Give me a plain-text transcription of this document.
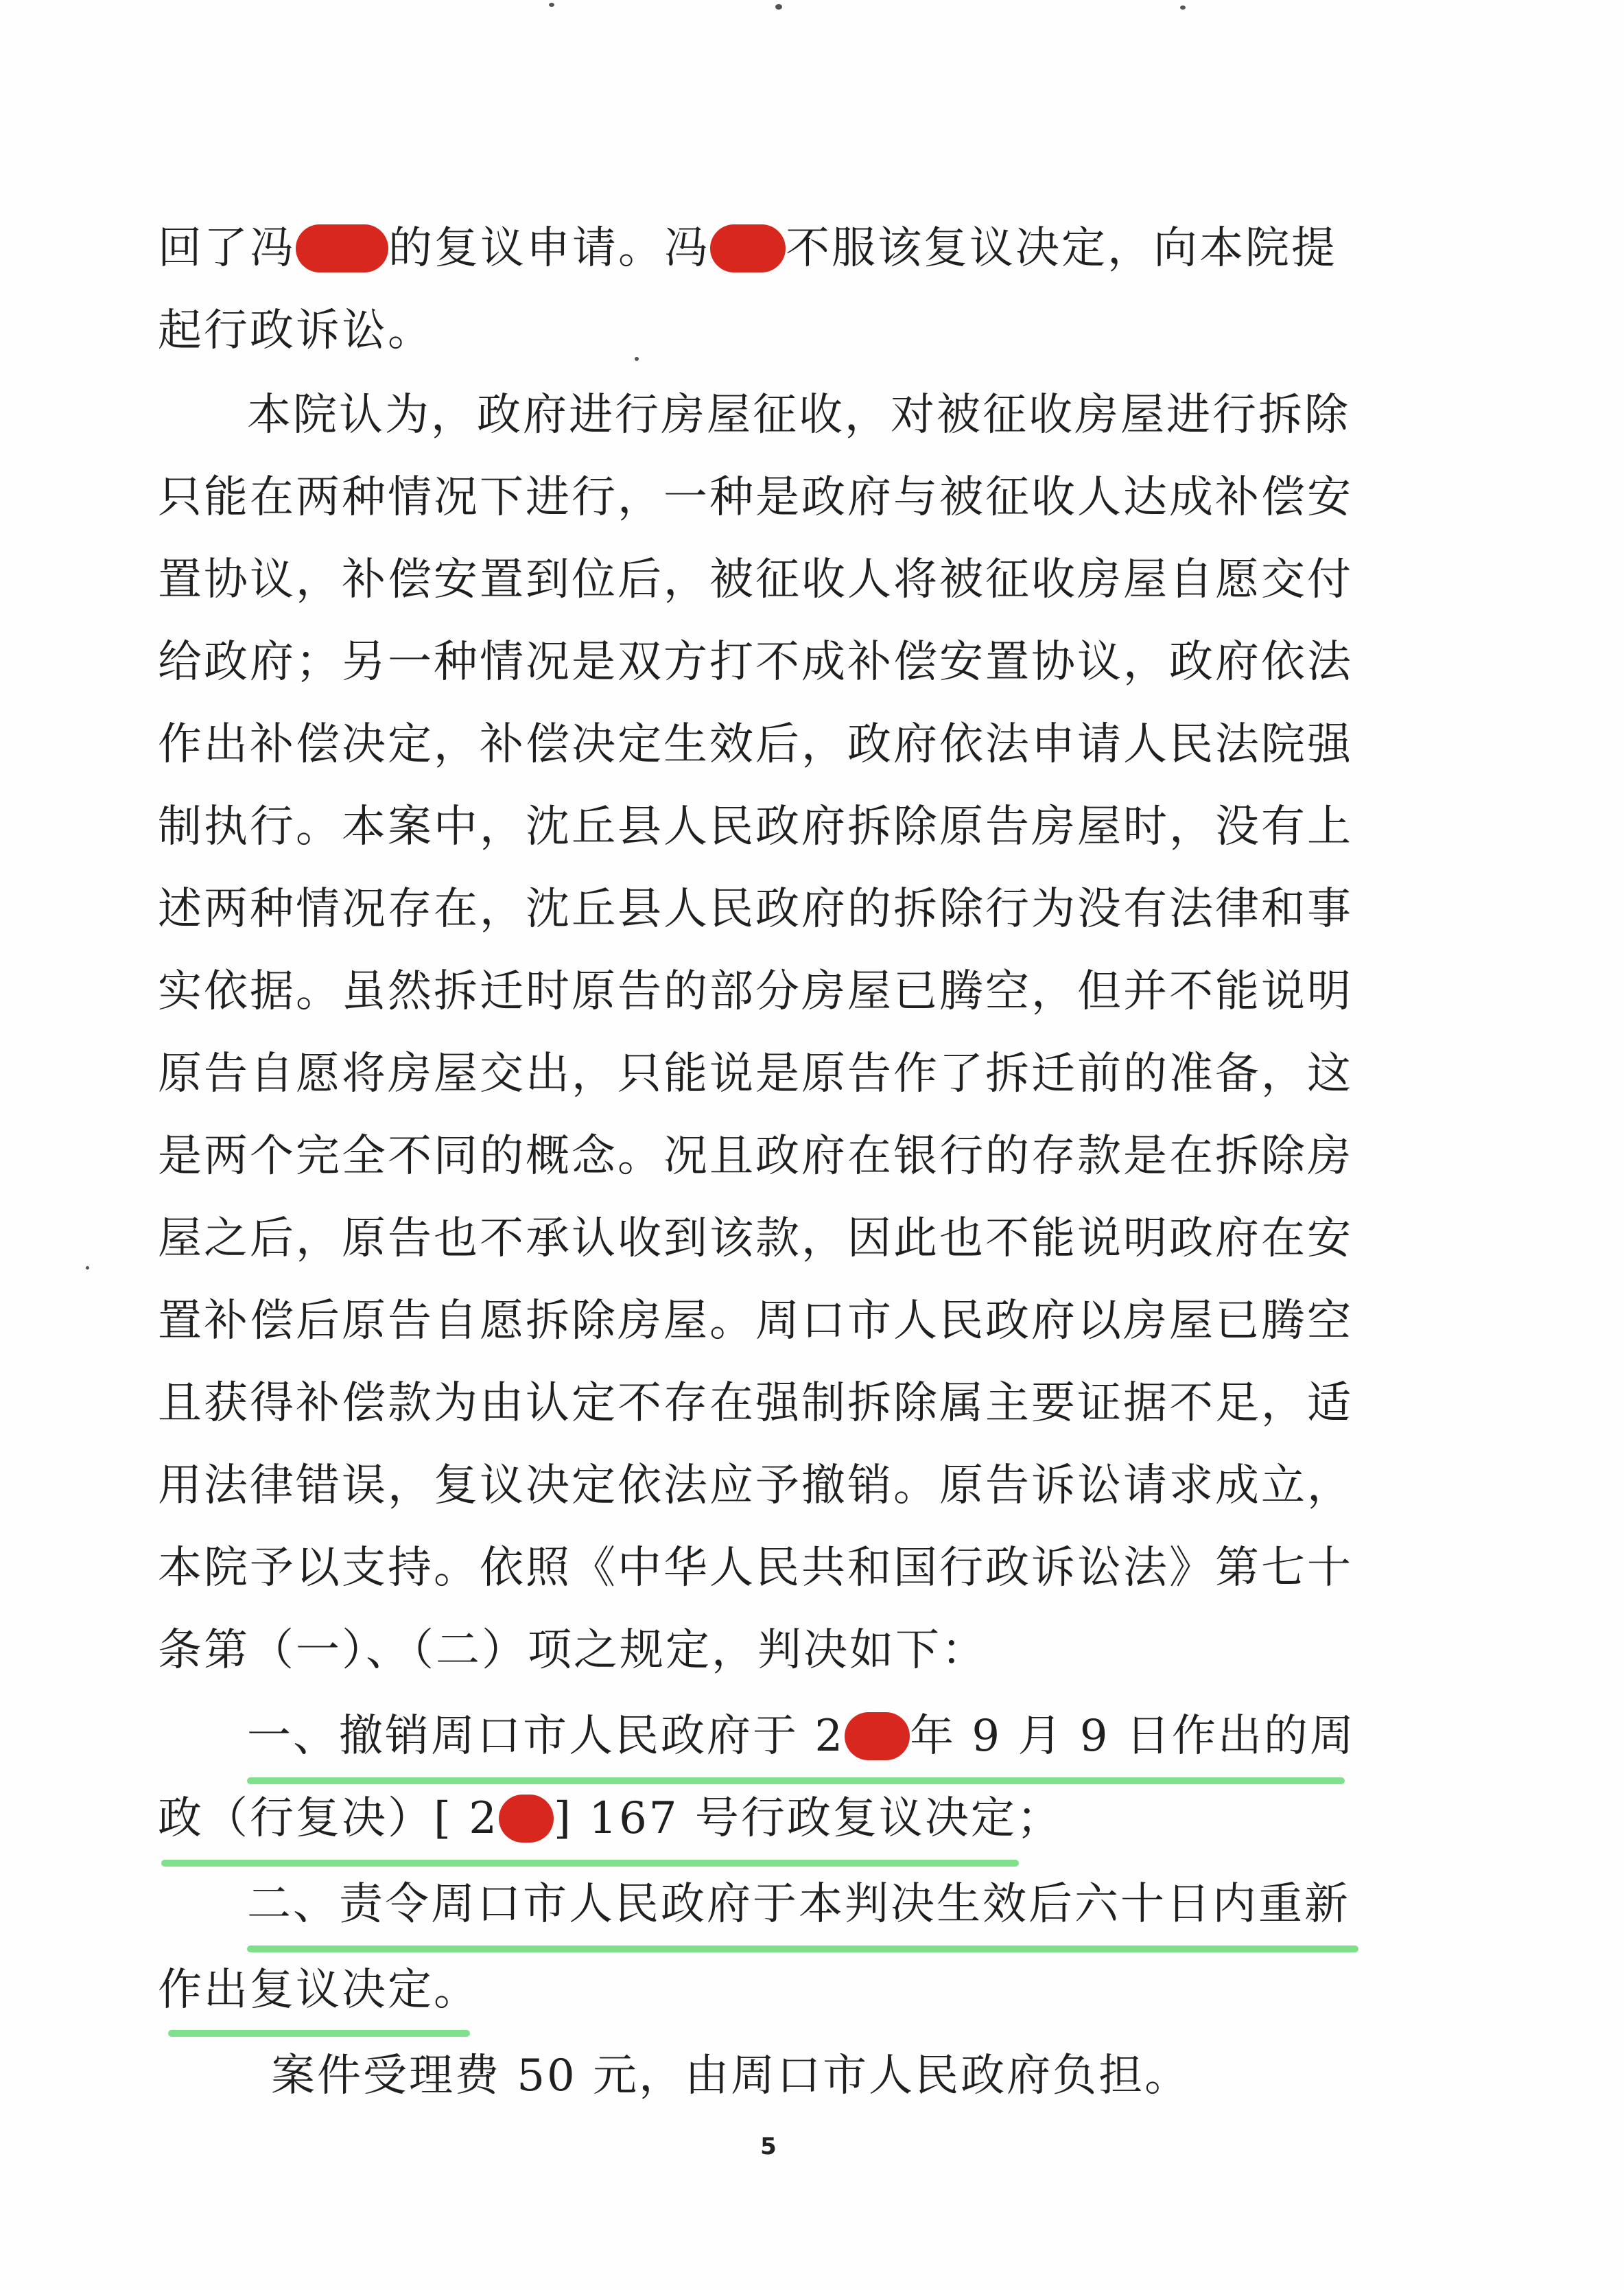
回了冯 的复议申请。冯 不服该复议决定，向本院提
起行政诉讼。
本院认为，政府进行房屋征收，对被征收房屋进行拆除
只能在两种情况下进行，一种是政府与被征收人达成补偿安
置协议，补偿安置到位后，被征收人将被征收房屋自愿交付
给政府；另一种情况是双方打不成补偿安置协议，政府依法
作出补偿决定，补偿决定生效后，政府依法申请人民法院强
制执行。本案中，沈丘县人民政府拆除原告房屋时，没有上
述两种情况存在，沈丘县人民政府的拆除行为没有法律和事
实依据。虽然拆迁时原告的部分房屋已腾空，但并不能说明
原告自愿将房屋交出，只能说是原告作了拆迁前的准备，这
是两个完全不同的概念。况且政府在银行的存款是在拆除房
屋之后，原告也不承认收到该款，因此也不能说明政府在安
置补偿后原告自愿拆除房屋。周口市人民政府以房屋已腾空
且获得补偿款为由认定不存在强制拆除属主要证据不足，适
用法律错误，复议决定依法应予撤销。原告诉讼请求成立，
本院予以支持。依照《中华人民共和国行政诉讼法》第七十
条第（一）、（二）项之规定，判决如下：
一、撤销周口市人民政府于 2 年 9 月 9 日作出的周
政（行复决）[ 2 ] 167 号行政复议决定；
二、责令周口市人民政府于本判决生效后六十日内重新
作出复议决定。
案件受理费 50 元，由周口市人民政府负担。
5
